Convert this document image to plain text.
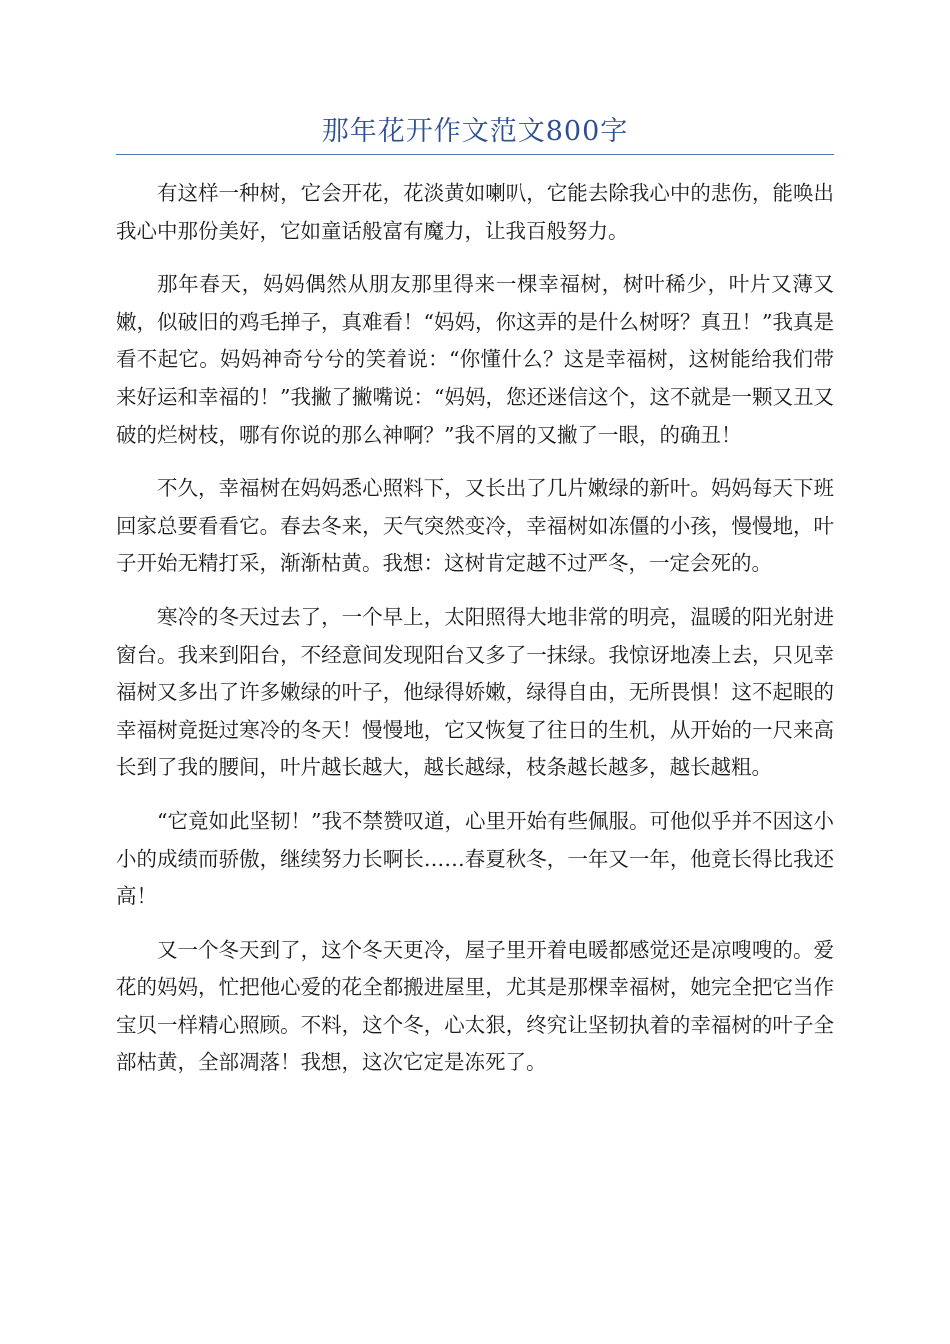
那年花开作文范文800字

有这样一种树，它会开花，花淡黄如喇叭，它能去除我心中的悲伤，能唤出我心中那份美好，它如童话般富有魔力，让我百般努力。

那年春天，妈妈偶然从朋友那里得来一棵幸福树，树叶稀少，叶片又薄又嫩，似破旧的鸡毛掸子，真难看！“妈妈，你这弄的是什么树呀？真丑！”我真是看不起它。妈妈神奇兮兮的笑着说：“你懂什么？这是幸福树，这树能给我们带来好运和幸福的！”我撇了撇嘴说：“妈妈，您还迷信这个，这不就是一颗又丑又破的烂树枝，哪有你说的那么神啊？”我不屑的又撇了一眼，的确丑！

不久，幸福树在妈妈悉心照料下，又长出了几片嫩绿的新叶。妈妈每天下班回家总要看看它。春去冬来，天气突然变冷，幸福树如冻僵的小孩，慢慢地，叶子开始无精打采，渐渐枯黄。我想：这树肯定越不过严冬，一定会死的。

寒冷的冬天过去了，一个早上，太阳照得大地非常的明亮，温暖的阳光射进窗台。我来到阳台，不经意间发现阳台又多了一抹绿。我惊讶地凑上去，只见幸福树又多出了许多嫩绿的叶子，他绿得娇嫩，绿得自由，无所畏惧！这不起眼的幸福树竟挺过寒冷的冬天！慢慢地，它又恢复了往日的生机，从开始的一尺来高长到了我的腰间，叶片越长越大，越长越绿，枝条越长越多，越长越粗。

“它竟如此坚韧！”我不禁赞叹道，心里开始有些佩服。可他似乎并不因这小小的成绩而骄傲，继续努力长啊长……春夏秋冬，一年又一年，他竟长得比我还高！

又一个冬天到了，这个冬天更冷，屋子里开着电暖都感觉还是凉嗖嗖的。爱花的妈妈，忙把他心爱的花全都搬进屋里，尤其是那棵幸福树，她完全把它当作宝贝一样精心照顾。不料，这个冬，心太狠，终究让坚韧执着的幸福树的叶子全部枯黄，全部凋落！我想，这次它定是冻死了。
